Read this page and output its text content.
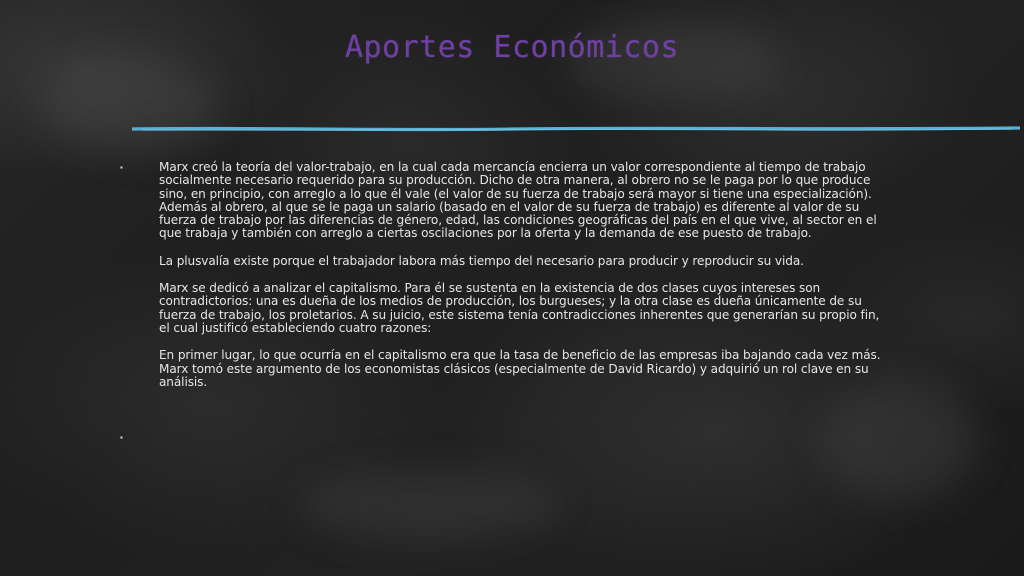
Aportes Económicos
▪	Marx creó la teoría del valor-trabajo, en la cual cada mercancía encierra un valor correspondiente al tiempo de trabajo socialmente necesario requerido para su producción. Dicho de otra manera, al obrero no se le paga por lo que produce sino, en principio, con arreglo a lo que él vale (el valor de su fuerza de trabajo será mayor si tiene una especialización). Además al obrero, al que se le paga un salario (basado en el valor de su fuerza de trabajo) es diferente al valor de su fuerza de trabajo por las diferencias de género, edad, las condiciones geográficas del país en el que vive, al sector en el que trabaja y también con arreglo a ciertas oscilaciones por la oferta y la demanda de ese puesto de trabajo.

La plusvalía existe porque el trabajador labora más tiempo del necesario para producir y reproducir su vida.

Marx se dedicó a analizar el capitalismo. Para él se sustenta en la existencia de dos clases cuyos intereses son contradictorios: una es dueña de los medios de producción, los burgueses; y la otra clase es dueña únicamente de su fuerza de trabajo, los proletarios. A su juicio, este sistema tenía contradicciones inherentes que generarían su propio fin, el cual justificó estableciendo cuatro razones:

En primer lugar, lo que ocurría en el capitalismo era que la tasa de beneficio de las empresas iba bajando cada vez más. Marx tomó este argumento de los economistas clásicos (especialmente de David Ricardo) y adquirió un rol clave en su análisis.

▪
